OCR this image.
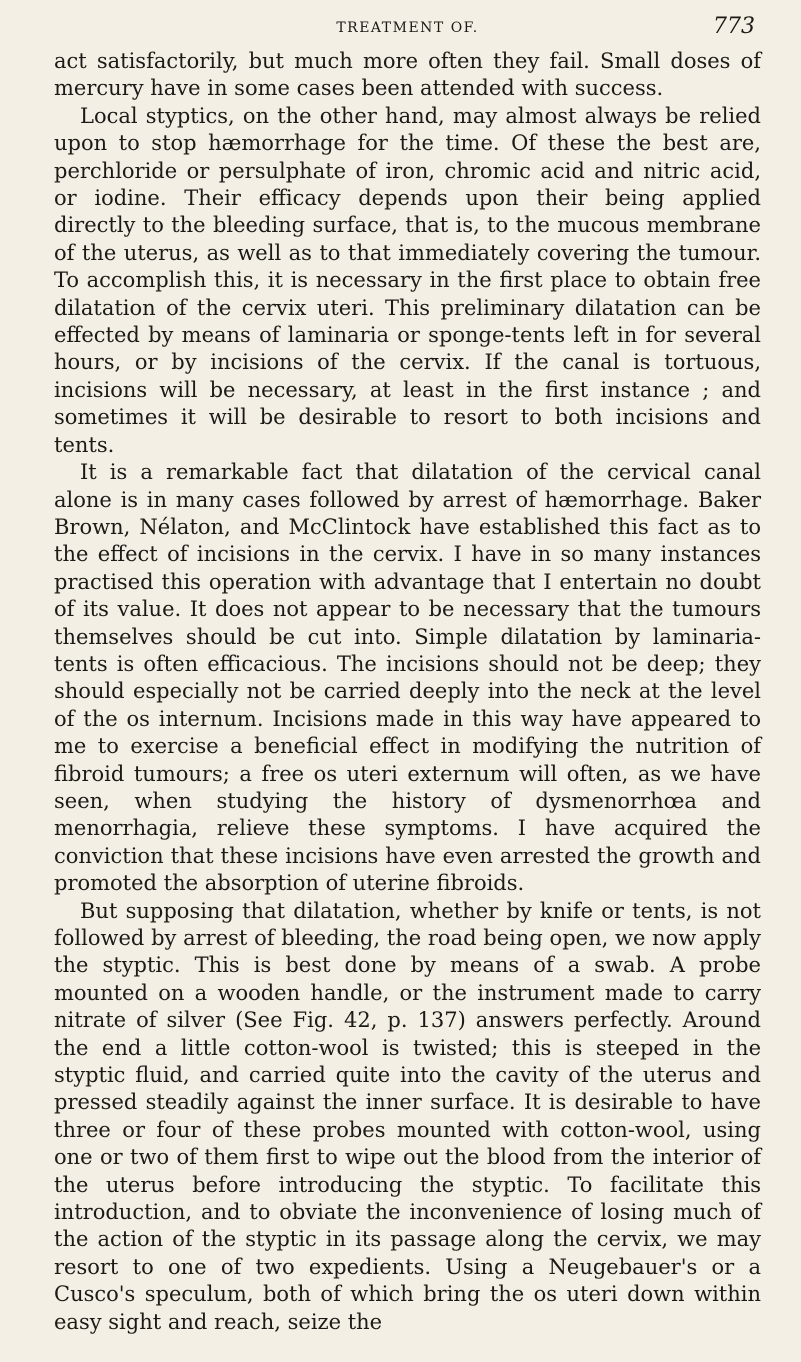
TREATMENT OF.	773

act satisfactorily, but much more often they fail. Small doses of mercury have in some cases been attended with success.

Local styptics, on the other hand, may almost always be relied upon to stop hæmorrhage for the time. Of these the best are, perchloride or persulphate of iron, chromic acid and nitric acid, or iodine. Their efficacy depends upon their being applied directly to the bleeding surface, that is, to the mucous membrane of the uterus, as well as to that immediately covering the tumour. To accomplish this, it is necessary in the first place to obtain free dilatation of the cervix uteri. This preliminary dilatation can be effected by means of laminaria or sponge-tents left in for several hours, or by incisions of the cervix. If the canal is tortuous, incisions will be necessary, at least in the first instance ; and sometimes it will be desirable to resort to both incisions and tents.

It is a remarkable fact that dilatation of the cervical canal alone is in many cases followed by arrest of hæmorrhage. Baker Brown, Nélaton, and McClintock have established this fact as to the effect of incisions in the cervix. I have in so many instances practised this operation with advantage that I entertain no doubt of its value. It does not appear to be necessary that the tumours themselves should be cut into. Simple dilatation by laminaria-tents is often efficacious. The incisions should not be deep; they should especially not be carried deeply into the neck at the level of the os internum. Incisions made in this way have appeared to me to exercise a beneficial effect in modifying the nutrition of fibroid tumours; a free os uteri externum will often, as we have seen, when studying the history of dysmenorrhœa and menorrhagia, relieve these symptoms. I have acquired the conviction that these incisions have even arrested the growth and promoted the absorption of uterine fibroids.

But supposing that dilatation, whether by knife or tents, is not followed by arrest of bleeding, the road being open, we now apply the styptic. This is best done by means of a swab. A probe mounted on a wooden handle, or the instrument made to carry nitrate of silver (See Fig. 42, p. 137) answers perfectly. Around the end a little cotton-wool is twisted; this is steeped in the styptic fluid, and carried quite into the cavity of the uterus and pressed steadily against the inner surface. It is desirable to have three or four of these probes mounted with cotton-wool, using one or two of them first to wipe out the blood from the interior of the uterus before introducing the styptic. To facilitate this introduction, and to obviate the inconvenience of losing much of the action of the styptic in its passage along the cervix, we may resort to one of two expedients. Using a Neugebauer's or a Cusco's speculum, both of which bring the os uteri down within easy sight and reach, seize the
